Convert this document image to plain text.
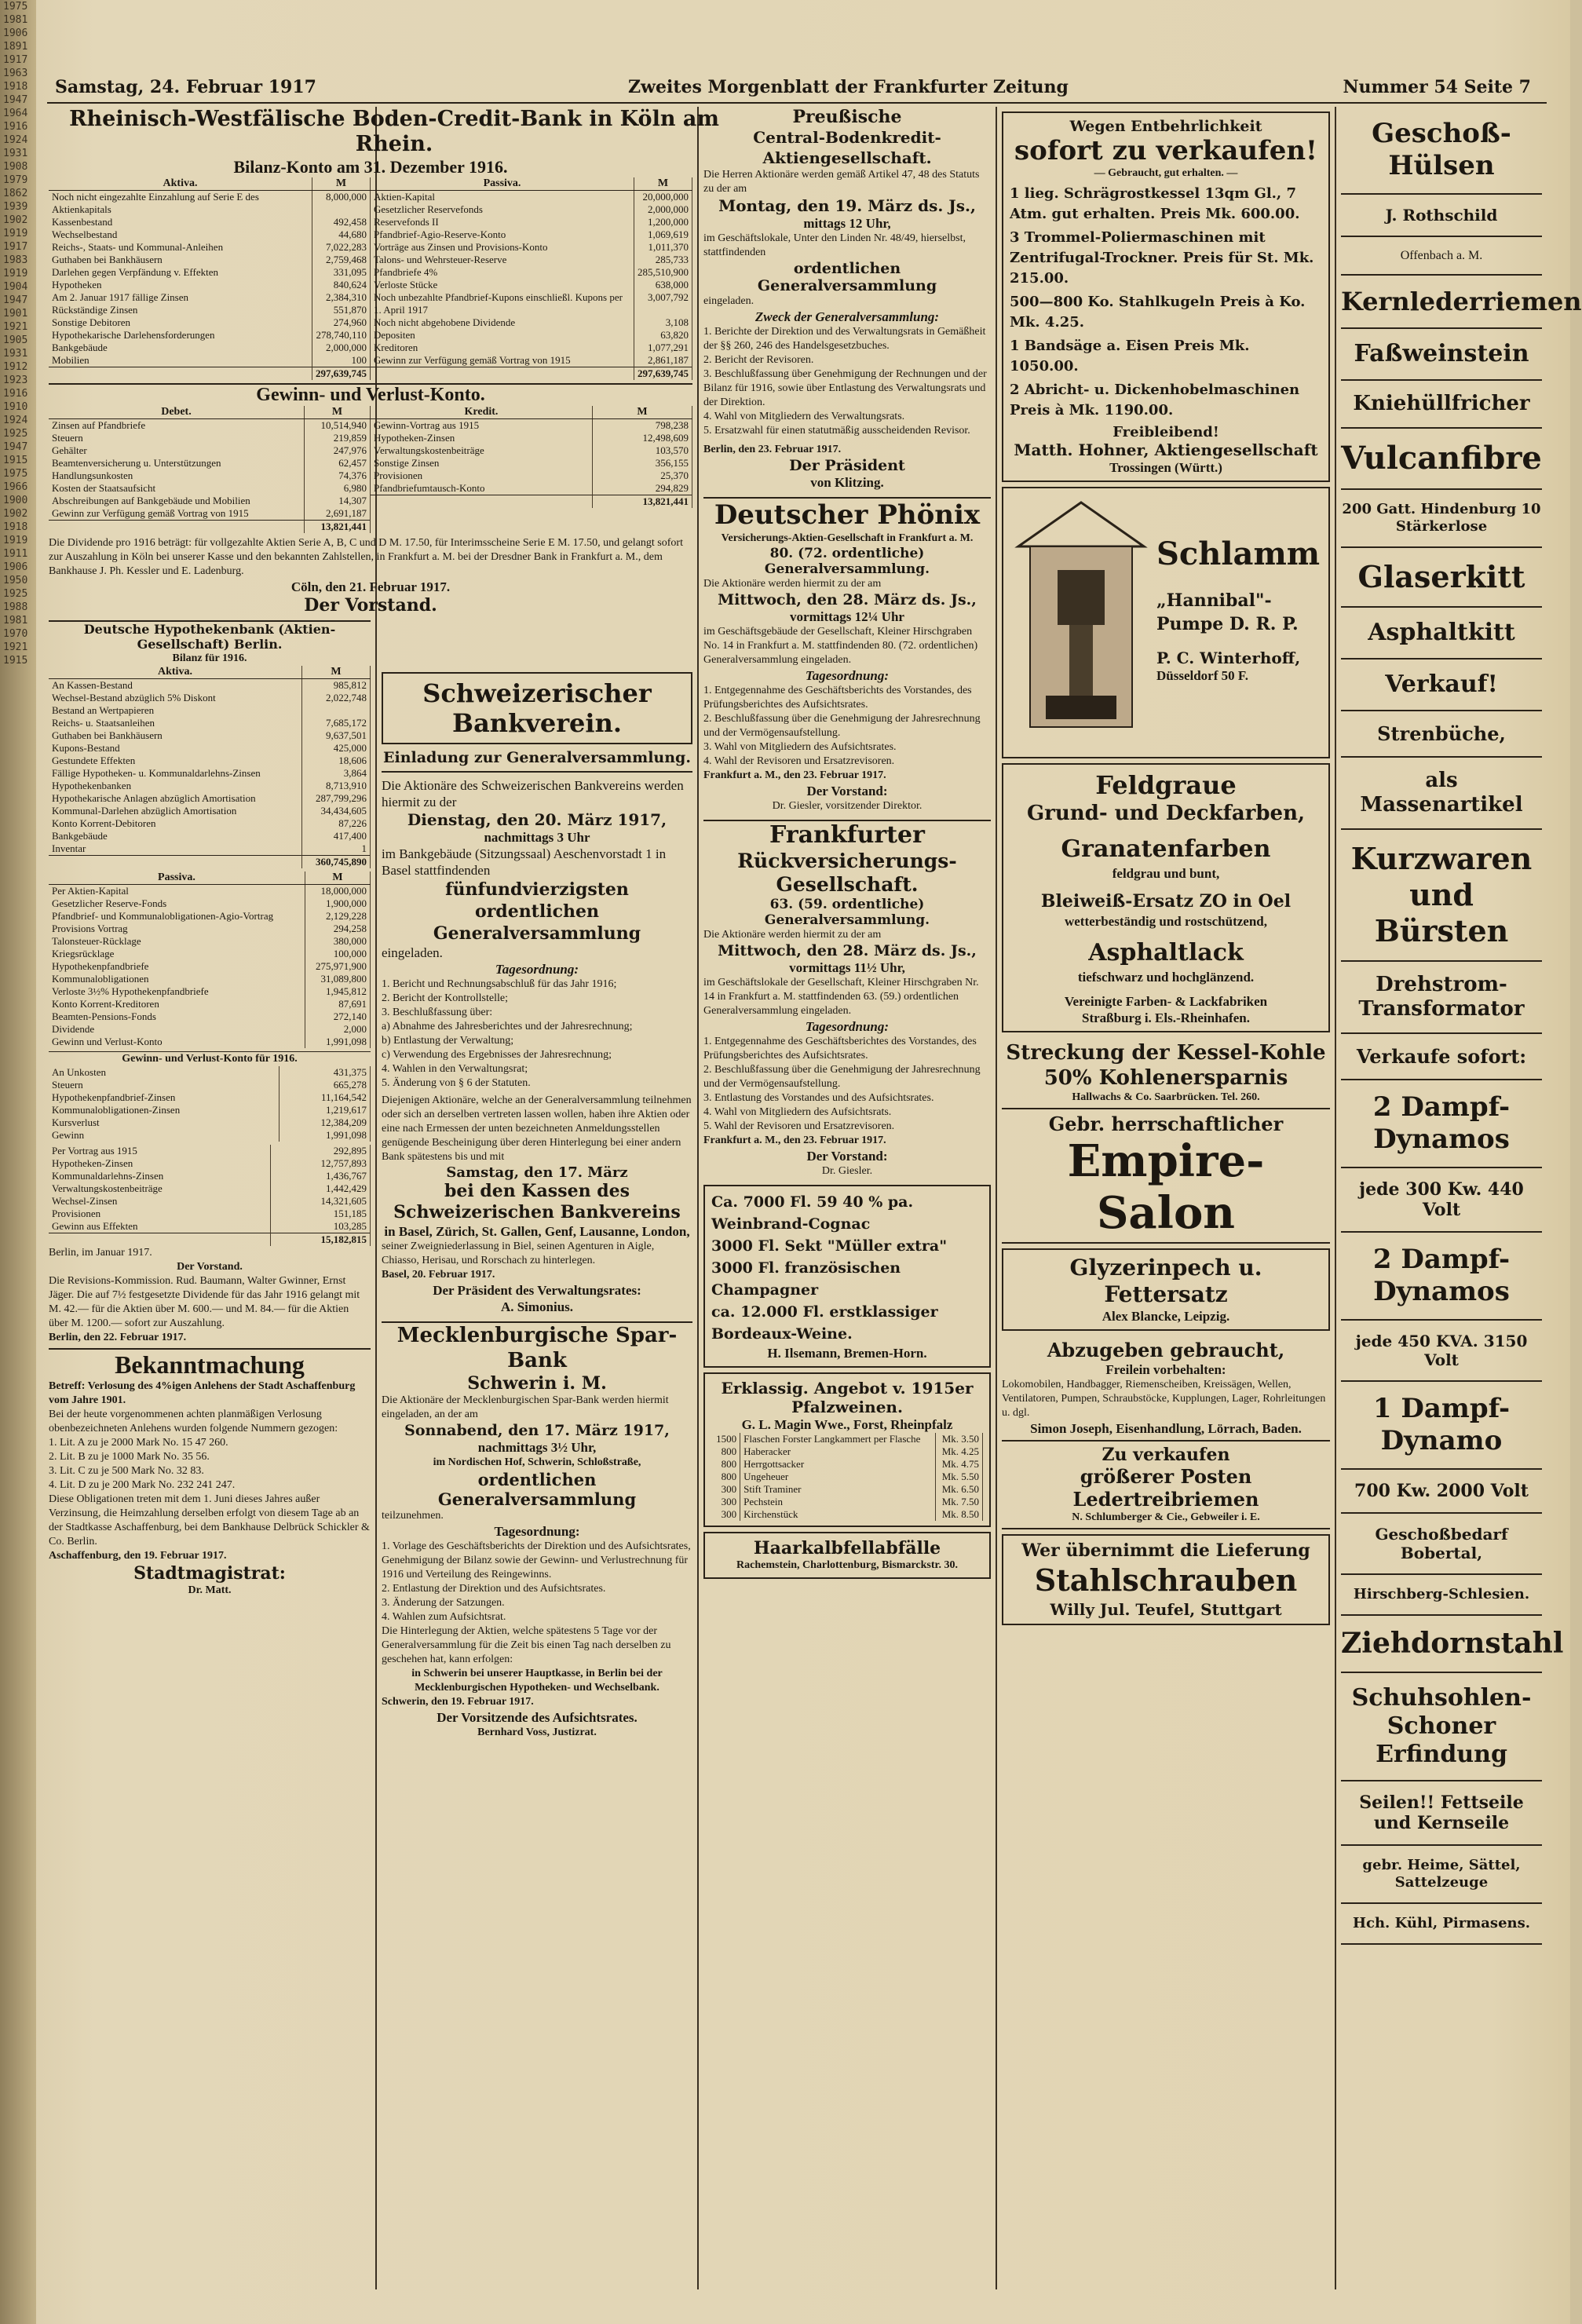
1975
1981
1906
1891
1917
1963
1918
1947
1964
1916
1924
1931
1908
1979
1862
1939
1902
1919
1917
1983
1919
1904
1947
1901
1921
1905
1931
1912
1923
1916
1910
1924
1925
1947
1915
1975
1966
1900
1902
1918
1919
1911
1906
1950
1925
1988
1981
1970
1921
1915
Samstag, 24. Februar 1917	Zweites Morgenblatt der Frankfurter Zeitung	Nummer 54 Seite 7
Rheinisch-Westfälische Boden-Credit-Bank in Köln am Rhein.
Bilanz-Konto am 31. Dezember 1916.
Aktiva.	M
Noch nicht eingezahlte Einzahlung auf Serie E des Aktienkapitals	8,000,000
Kassenbestand	492,458
Wechselbestand	44,680
Reichs-, Staats- und Kommunal-Anleihen	7,022,283
Guthaben bei Bankhäusern	2,759,468
Darlehen gegen Verpfändung v. Effekten	331,095
Hypotheken	840,624
Am 2. Januar 1917 fällige Zinsen	2,384,310
Rückständige Zinsen	551,870
Sonstige Debitoren	274,960
Hypothekarische Darlehensforderungen	278,740,110
Bankgebäude	2,000,000
Mobilien	100
	297,639,745
Passiva.	M
Aktien-Kapital	20,000,000
Gesetzlicher Reservefonds	2,000,000
Reservefonds II	1,200,000
Pfandbrief-Agio-Reserve-Konto	1,069,619
Vorträge aus Zinsen und Provisions-Konto	1,011,370
Talons- und Wehrsteuer-Reserve	285,733
Pfandbriefe 4%	285,510,900
Verloste Stücke	638,000
Noch unbezahlte Pfandbrief-Kupons einschließl. Kupons per 1. April 1917	3,007,792
Noch nicht abgehobene Dividende	3,108
Depositen	63,820
Kreditoren	1,077,291
Gewinn zur Verfügung gemäß Vortrag von 1915	2,861,187
	297,639,745
Gewinn- und Verlust-Konto.
Debet.	M
Zinsen auf Pfandbriefe	10,514,940
Steuern	219,859
Gehälter	247,976
Beamtenversicherung u. Unterstützungen	62,457
Handlungsunkosten	74,376
Kosten der Staatsaufsicht	6,980
Abschreibungen auf Bankgebäude und Mobilien	14,307
Gewinn zur Verfügung gemäß Vortrag von 1915	2,691,187
	13,821,441
Kredit.	M
Gewinn-Vortrag aus 1915	798,238
Hypotheken-Zinsen	12,498,609
Verwaltungskostenbeiträge	103,570
Sonstige Zinsen	356,155
Provisionen	25,370
Pfandbriefumtausch-Konto	294,829
	13,821,441
Die Dividende pro 1916 beträgt: für vollgezahlte Aktien Serie A, B, C und D M. 17.50, für Interimsscheine Serie E M. 17.50, und gelangt sofort zur Auszahlung in Köln bei unserer Kasse und den bekannten Zahlstellen, in Frankfurt a. M. bei der Dresdner Bank in Frankfurt a. M., dem Bankhause J. Ph. Kessler und E. Ladenburg.
Cöln, den 21. Februar 1917.
Der Vorstand.
Deutsche Hypothekenbank (Aktien-Gesellschaft) Berlin.
Bilanz für 1916.
Aktiva.	M
An Kassen-Bestand	985,812
Wechsel-Bestand abzüglich 5% Diskont	2,022,748
Bestand an Wertpapieren	
Reichs- u. Staatsanleihen	7,685,172
Guthaben bei Bankhäusern	9,637,501
Kupons-Bestand	425,000
Gestundete Effekten	18,606
Fällige Hypotheken- u. Kommunaldarlehns-Zinsen	3,864
Hypothekenbanken	8,713,910
Hypothekarische Anlagen abzüglich Amortisation	287,799,296
Kommunal-Darlehen abzüglich Amortisation	34,434,605
Konto Korrent-Debitoren	87,226
Bankgebäude	417,400
Inventar	1
	360,745,890
Passiva.	M
Per Aktien-Kapital	18,000,000
Gesetzlicher Reserve-Fonds	1,900,000
Pfandbrief- und Kommunalobligationen-Agio-Vortrag	2,129,228
Provisions Vortrag	294,258
Talonsteuer-Rücklage	380,000
Kriegsrücklage	100,000
Hypothekenpfandbriefe	275,971,900
Kommunalobligationen	31,089,800
Verloste 3½% Hypothekenpfandbriefe	1,945,812
Konto Korrent-Kreditoren	87,691
Beamten-Pensions-Fonds	272,140
Dividende	2,000
Gewinn und Verlust-Konto	1,991,098
Gewinn- und Verlust-Konto für 1916.
An Unkosten	431,375
Steuern	665,278
Hypothekenpfandbrief-Zinsen	11,164,542
Kommunalobligationen-Zinsen	1,219,617
Kursverlust	12,384,209
Gewinn	1,991,098
Per Vortrag aus 1915	292,895
Hypotheken-Zinsen	12,757,893
Kommunaldarlehns-Zinsen	1,436,767
Verwaltungskostenbeiträge	1,442,429
Wechsel-Zinsen	14,321,605
Provisionen	151,185
Gewinn aus Effekten	103,285
	15,182,815
Berlin, im Januar 1917.
Der Vorstand.
Die Revisions-Kommission. Rud. Baumann, Walter Gwinner, Ernst Jäger. Die auf 7½ festgesetzte Dividende für das Jahr 1916 gelangt mit M. 42.— für die Aktien über M. 600.— und M. 84.— für die Aktien über M. 1200.— sofort zur Auszahlung.
Berlin, den 22. Februar 1917.
Bekanntmachung
Betreff: Verlosung des 4%igen Anlehens der Stadt Aschaffenburg vom Jahre 1901.
Bei der heute vorgenommenen achten planmäßigen Verlosung obenbezeichneten Anlehens wurden folgende Nummern gezogen:
1. Lit. A zu je 2000 Mark No. 15 47 260.
2. Lit. B zu je 1000 Mark No. 35 56.
3. Lit. C zu je 500 Mark No. 32 83.
4. Lit. D zu je 200 Mark No. 232 241 247.
Diese Obligationen treten mit dem 1. Juni dieses Jahres außer Verzinsung, die Heimzahlung derselben erfolgt von diesem Tage ab an der Stadtkasse Aschaffenburg, bei dem Bankhause Delbrück Schickler & Co. Berlin.
Aschaffenburg, den 19. Februar 1917.
Stadtmagistrat:
Dr. Matt.
Schweizerischer Bankverein.
Einladung zur Generalversammlung.
Die Aktionäre des Schweizerischen Bankvereins werden hiermit zu der
Dienstag, den 20. März 1917,
nachmittags 3 Uhr
im Bankgebäude (Sitzungssaal) Aeschenvorstadt 1 in Basel stattfindenden
fünfundvierzigsten ordentlichen Generalversammlung
eingeladen.
Tagesordnung:
1. Bericht und Rechnungsabschluß für das Jahr 1916;
2. Bericht der Kontrollstelle;
3. Beschlußfassung über:
a) Abnahme des Jahresberichtes und der Jahresrechnung;
b) Entlastung der Verwaltung;
c) Verwendung des Ergebnisses der Jahresrechnung;
4. Wahlen in den Verwaltungsrat;
5. Änderung von § 6 der Statuten.
Diejenigen Aktionäre, welche an der Generalversammlung teilnehmen oder sich an derselben vertreten lassen wollen, haben ihre Aktien oder eine nach Ermessen der unten bezeichneten Anmeldungsstellen genügende Bescheinigung über deren Hinterlegung bei einer andern Bank spätestens bis und mit
Samstag, den 17. März
bei den Kassen des Schweizerischen Bankvereins
in Basel, Zürich, St. Gallen, Genf, Lausanne, London,
seiner Zweigniederlassung in Biel, seinen Agenturen in Aigle, Chiasso, Herisau, und Rorschach zu hinterlegen.
Basel, 20. Februar 1917.
Der Präsident des Verwaltungsrates:
A. Simonius.
Mecklenburgische Spar-Bank
Schwerin i. M.
Die Aktionäre der Mecklenburgischen Spar-Bank werden hiermit eingeladen, an der am
Sonnabend, den 17. März 1917,
nachmittags 3½ Uhr,
im Nordischen Hof, Schwerin, Schloßstraße,
ordentlichen Generalversammlung
teilzunehmen.
Tagesordnung:
1. Vorlage des Geschäftsberichts der Direktion und des Aufsichtsrates, Genehmigung der Bilanz sowie der Gewinn- und Verlustrechnung für 1916 und Verteilung des Reingewinns.
2. Entlastung der Direktion und des Aufsichtsrates.
3. Änderung der Satzungen.
4. Wahlen zum Aufsichtsrat.
Die Hinterlegung der Aktien, welche spätestens 5 Tage vor der Generalversammlung für die Zeit bis einen Tag nach derselben zu geschehen hat, kann erfolgen:
in Schwerin bei unserer Hauptkasse, in Berlin bei der Mecklenburgischen Hypotheken- und Wechselbank.
Schwerin, den 19. Februar 1917.
Der Vorsitzende des Aufsichtsrates.
Bernhard Voss, Justizrat.
Preußische
Central-Bodenkredit-Aktiengesellschaft.
Die Herren Aktionäre werden gemäß Artikel 47, 48 des Statuts zu der am
Montag, den 19. März ds. Js.,
mittags 12 Uhr,
im Geschäftslokale, Unter den Linden Nr. 48/49, hierselbst, stattfindenden
ordentlichen Generalversammlung
eingeladen.
Zweck der Generalversammlung:
1. Berichte der Direktion und des Verwaltungsrats in Gemäßheit der §§ 260, 246 des Handelsgesetzbuches.
2. Bericht der Revisoren.
3. Beschlußfassung über Genehmigung der Rechnungen und der Bilanz für 1916, sowie über Entlastung des Verwaltungsrats und der Direktion.
4. Wahl von Mitgliedern des Verwaltungsrats.
5. Ersatzwahl für einen statutmäßig ausscheidenden Revisor.
Berlin, den 23. Februar 1917.
Der Präsident
von Klitzing.
Deutscher Phönix
Versicherungs-Aktien-Gesellschaft in Frankfurt a. M.
80. (72. ordentliche) Generalversammlung.
Die Aktionäre werden hiermit zu der am
Mittwoch, den 28. März ds. Js.,
vormittags 12¼ Uhr
im Geschäftsgebäude der Gesellschaft, Kleiner Hirschgraben No. 14 in Frankfurt a. M. stattfindenden 80. (72. ordentlichen) Generalversammlung eingeladen.
Tagesordnung:
1. Entgegennahme des Geschäftsberichts des Vorstandes, des Prüfungsberichtes des Aufsichtsrates.
2. Beschlußfassung über die Genehmigung der Jahresrechnung und der Vermögensaufstellung.
3. Wahl von Mitgliedern des Aufsichtsrates.
4. Wahl der Revisoren und Ersatzrevisoren.
Frankfurt a. M., den 23. Februar 1917.
Der Vorstand:
Dr. Giesler, vorsitzender Direktor.
Frankfurter
Rückversicherungs-Gesellschaft.
63. (59. ordentliche) Generalversammlung.
Die Aktionäre werden hiermit zu der am
Mittwoch, den 28. März ds. Js.,
vormittags 11½ Uhr,
im Geschäftslokale der Gesellschaft, Kleiner Hirschgraben Nr. 14 in Frankfurt a. M. stattfindenden 63. (59.) ordentlichen Generalversammlung eingeladen.
Tagesordnung:
1. Entgegennahme des Geschäftsberichtes des Vorstandes, des Prüfungsberichtes des Aufsichtsrates.
2. Beschlußfassung über die Genehmigung der Jahresrechnung und der Vermögensaufstellung.
3. Entlastung des Vorstandes und des Aufsichtsrates.
4. Wahl von Mitgliedern des Aufsichtsrats.
5. Wahl der Revisoren und Ersatzrevisoren.
Frankfurt a. M., den 23. Februar 1917.
Der Vorstand:
Dr. Giesler.
Ca. 7000 Fl. 59 40 % pa. Weinbrand-Cognac
3000 Fl. Sekt "Müller extra"
3000 Fl. französischen Champagner
ca. 12.000 Fl. erstklassiger Bordeaux-Weine.
H. Ilsemann, Bremen-Horn.
Erklassig. Angebot v. 1915er Pfalzweinen.
G. L. Magin Wwe., Forst, Rheinpfalz
1500	Flaschen Forster Langkammert per Flasche	Mk. 3.50
800	Haberacker	Mk. 4.25
800	Herrgottsacker	Mk. 4.75
800	Ungeheuer	Mk. 5.50
300	Stift Traminer	Mk. 6.50
300	Pechstein	Mk. 7.50
300	Kirchenstück	Mk. 8.50
Haarkalbfellabfälle
Rachemstein, Charlottenburg, Bismarckstr. 30.
Wegen Entbehrlichkeit
sofort zu verkaufen!
— Gebraucht, gut erhalten. —
1 lieg. Schrägrostkessel 13qm Gl., 7 Atm. gut erhalten. Preis Mk. 600.00.
3 Trommel-Poliermaschinen mit Zentrifugal-Trockner. Preis für St. Mk. 215.00.
500—800 Ko. Stahlkugeln Preis à Ko. Mk. 4.25.
1 Bandsäge a. Eisen Preis Mk. 1050.00.
2 Abricht- u. Dickenhobelmaschinen Preis à Mk. 1190.00.
Freibleibend!
Matth. Hohner, Aktiengesellschaft
Trossingen (Württ.)
Schlamm
„Hannibal"-Pumpe D. R. P.
P. C. Winterhoff,
Düsseldorf 50 F.
Feldgraue
Grund- und Deckfarben,
Granatenfarben
feldgrau und bunt,
Bleiweiß-Ersatz ZO in Oel
wetterbeständig und rostschützend,
Asphaltlack
tiefschwarz und hochglänzend.
Vereinigte Farben- & Lackfabriken
Straßburg i. Els.-Rheinhafen.
Streckung der Kessel-Kohle
50% Kohlenersparnis
Hallwachs & Co. Saarbrücken. Tel. 260.
Gebr. herrschaftlicher
Empire-Salon
Glyzerinpech u. Fettersatz
Alex Blancke, Leipzig.
Abzugeben gebraucht,
Freilein vorbehalten:
Lokomobilen, Handbagger, Riemenscheiben, Kreissägen, Wellen, Ventilatoren, Pumpen, Schraubstöcke, Kupplungen, Lager, Rohrleitungen u. dgl.
Simon Joseph, Eisenhandlung, Lörrach, Baden.
Zu verkaufen
größerer Posten Ledertreibriemen
N. Schlumberger & Cie., Gebweiler i. E.
Wer übernimmt die Lieferung
Stahlschrauben
Willy Jul. Teufel, Stuttgart
Geschoß-Hülsen
J. Rothschild
Offenbach a. M.
Kernlederriemen
Faßweinstein
Kniehüllfricher
Vulcanfibre
200 Gatt. Hindenburg 10 Stärkerlose
Glaserkitt
Asphaltkitt
Verkauf!
Strenbüche,
als Massenartikel
Kurzwaren und Bürsten
Drehstrom-Transformator
Verkaufe sofort:
2 Dampf-Dynamos
jede 300 Kw. 440 Volt
2 Dampf-Dynamos
jede 450 KVA. 3150 Volt
1 Dampf-Dynamo
700 Kw. 2000 Volt
Geschoßbedarf Bobertal,
Hirschberg-Schlesien.
Ziehdornstahl
Schuhsohlen-Schoner Erfindung
Seilen!! Fettseile und Kernseile
gebr. Heime, Sättel, Sattelzeuge
Hch. Kühl, Pirmasens.
